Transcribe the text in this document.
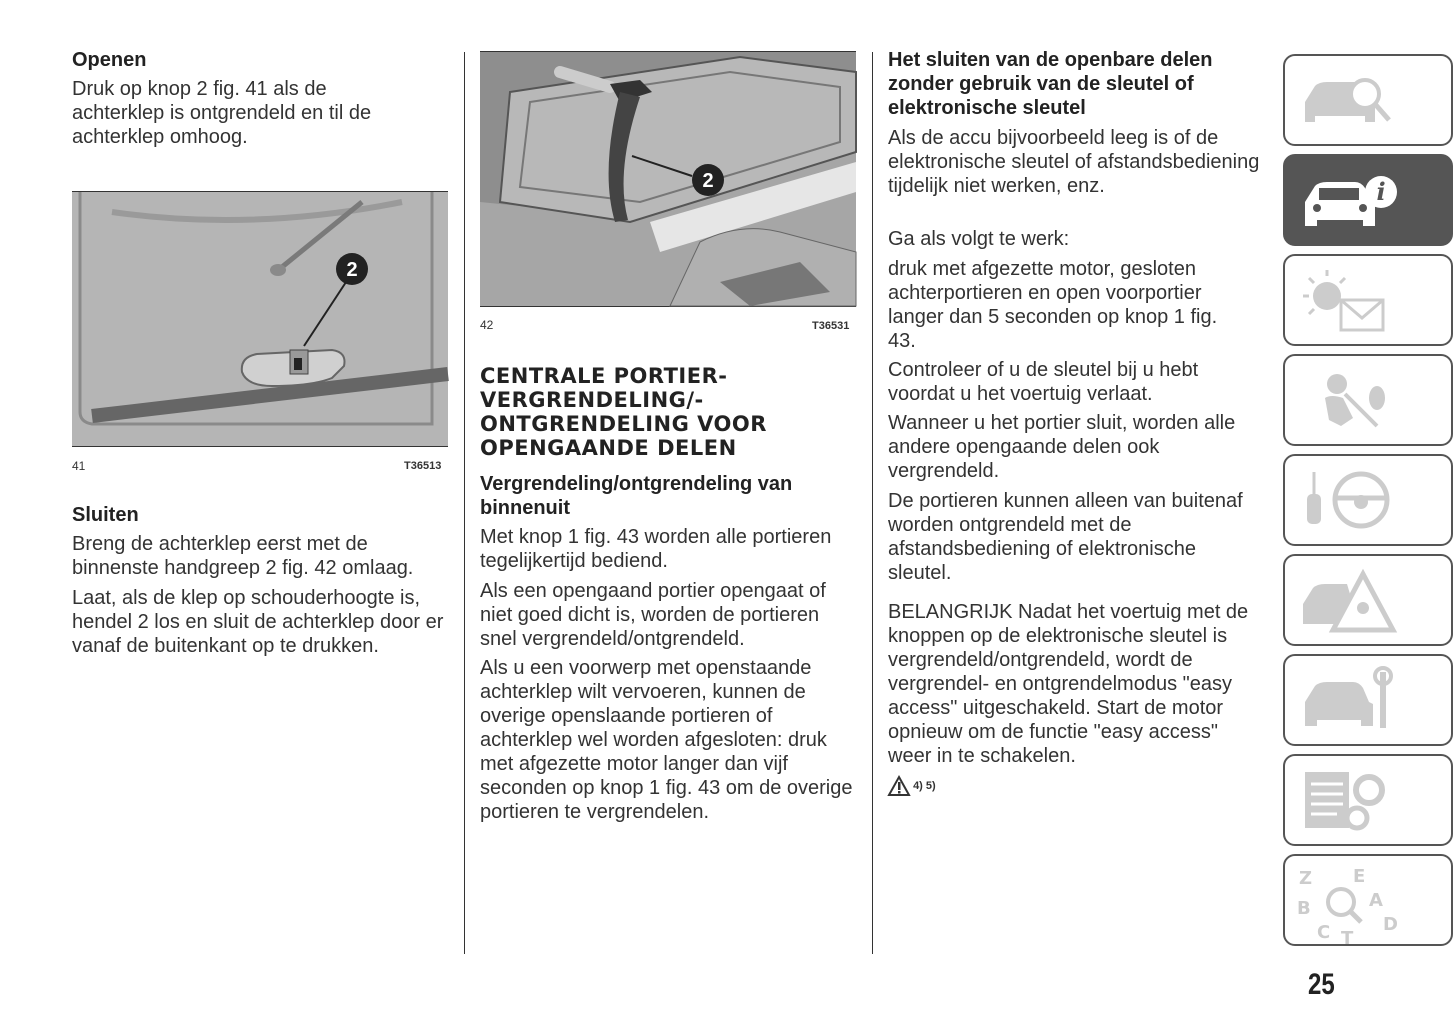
Openen

Druk op knop 2 fig. 41 als de achterklep is ontgrendeld en til de achterklep omhoog.

2
41	T36513

Sluiten

Breng de achterklep eerst met de binnenste handgreep 2 fig. 42 omlaag.

Laat, als de klep op schouderhoogte is, hendel 2 los en sluit de achterklep door er vanaf de buitenkant op te drukken.

2
42	T36531

CENTRALE PORTIER-VERGRENDELING/-ONTGRENDELING VOOR OPENGAANDE DELEN

Vergrendeling/ontgrendeling van binnenuit

Met knop 1 fig. 43 worden alle portieren tegelijkertijd bediend.

Als een opengaand portier opengaat of niet goed dicht is, worden de portieren snel vergrendeld/ontgrendeld.

Als u een voorwerp met openstaande achterklep wilt vervoeren, kunnen de overige openslaande portieren of achterklep wel worden afgesloten: druk met afgezette motor langer dan vijf seconden op knop 1 fig. 43 om de overige portieren te vergrendelen.

Het sluiten van de openbare delen zonder gebruik van de sleutel of elektronische sleutel

Als de accu bijvoorbeeld leeg is of de elektronische sleutel of afstandsbediening tijdelijk niet werken, enz.

Ga als volgt te werk:

druk met afgezette motor, gesloten achterportieren en open voorportier langer dan 5 seconden op knop 1 fig. 43.

Controleer of u de sleutel bij u hebt voordat u het voertuig verlaat.

Wanneer u het portier sluit, worden alle andere opengaande delen ook vergrendeld.

De portieren kunnen alleen van buitenaf worden ontgrendeld met de afstandsbediening of elektronische sleutel.

BELANGRIJK Nadat het voertuig met de knoppen op de elektronische sleutel is vergrendeld/ontgrendeld, wordt de vergrendel- en ontgrendelmodus "easy access" uitgeschakeld. Start de motor opnieuw om de functie "easy access" weer in te schakelen.

4) 5)
i
Z E
A
B
C	D
T
25
